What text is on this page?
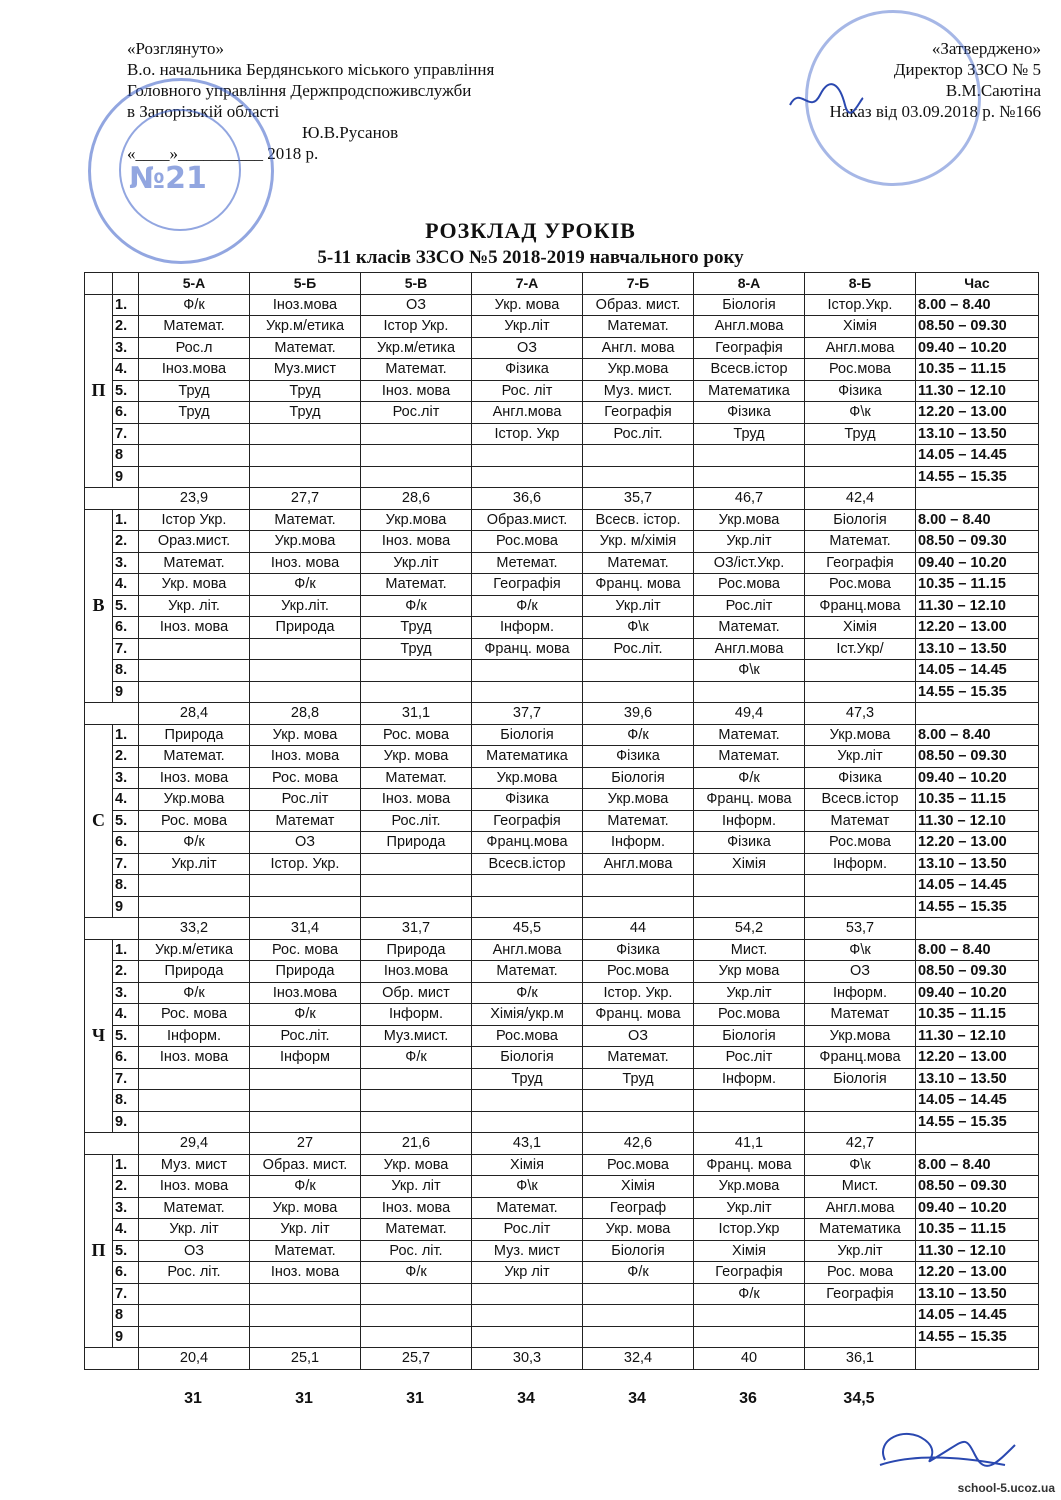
«Розглянуто»
В.о. начальника Бердянського міського управління
Головного управління Держпродспоживслужби
в Запорізькій області
Ю.В.Русанов
«____»__________ 2018 р.
«Затверджено»
Директор ЗЗСО № 5
В.М.Саютіна
Наказ від 03.09.2018 р. №166
№21
РОЗКЛАД УРОКІВ
5-11 класів ЗЗСО №5 2018-2019 навчального року
		5-А	5-Б	5-В	7-А	7-Б	8-А	8-Б	Час
П	1.	Ф/к	Іноз.мова	ОЗ	Укр. мова	Образ. мист.	Біологія	Істор.Укр.	8.00 – 8.40
	2.	Математ.	Укр.м/етика	Істор Укр.	Укр.літ	Математ.	Англ.мова	Хімія	08.50 – 09.30
	3.	Рос.л	Математ.	Укр.м/етика	ОЗ	Англ. мова	Географія	Англ.мова	09.40 – 10.20
	4.	Іноз.мова	Муз.мист	Математ.	Фізика	Укр.мова	Всесв.істор	Рос.мова	10.35 – 11.15
	5.	Труд	Труд	Іноз. мова	Рос. літ	Муз. мист.	Математика	Фізика	11.30 – 12.10
	6.	Труд	Труд	Рос.літ	Англ.мова	Географія	Фізика	Ф\к	12.20 – 13.00
	7.				Істор. Укр	Рос.літ.	Труд	Труд	13.10 – 13.50
	8								14.05 – 14.45
	9								14.55 – 15.35
		23,9	27,7	28,6	36,6	35,7	46,7	42,4	
В	1.	Істор Укр.	Математ.	Укр.мова	Образ.мист.	Всесв. істор.	Укр.мова	Біологія	8.00 – 8.40
	2.	Ораз.мист.	Укр.мова	Іноз. мова	Рос.мова	Укр. м/хімія	Укр.літ	Математ.	08.50 – 09.30
	3.	Математ.	Іноз. мова	Укр.літ	Метемат.	Математ.	ОЗ/іст.Укр.	Географія	09.40 – 10.20
	4.	Укр. мова	Ф/к	Математ.	Географія	Франц. мова	Рос.мова	Рос.мова	10.35 – 11.15
	5.	Укр. літ.	Укр.літ.	Ф/к	Ф/к	Укр.літ	Рос.літ	Франц.мова	11.30 – 12.10
	6.	Іноз. мова	Природа	Труд	Інформ.	Ф\к	Математ.	Хімія	12.20 – 13.00
	7.			Труд	Франц. мова	Рос.літ.	Англ.мова	Іст.Укр/	13.10 – 13.50
	8.						Ф\к		14.05 – 14.45
	9								14.55 – 15.35
		28,4	28,8	31,1	37,7	39,6	49,4	47,3	
С	1.	Природа	Укр. мова	Рос. мова	Біологія	Ф/к	Математ.	Укр.мова	8.00 – 8.40
	2.	Математ.	Іноз. мова	Укр. мова	Математика	Фізика	Математ.	Укр.літ	08.50 – 09.30
	3.	Іноз. мова	Рос. мова	Математ.	Укр.мова	Біологія	Ф/к	Фізика	09.40 – 10.20
	4.	Укр.мова	Рос.літ	Іноз. мова	Фізика	Укр.мова	Франц. мова	Всесв.істор	10.35 – 11.15
	5.	Рос. мова	Математ	Рос.літ.	Географія	Математ.	Інформ.	Математ	11.30 – 12.10
	6.	Ф/к	ОЗ	Природа	Франц.мова	Інформ.	Фізика	Рос.мова	12.20 – 13.00
	7.	Укр.літ	Істор. Укр.		Всесв.істор	Англ.мова	Хімія	Інформ.	13.10 – 13.50
	8.								14.05 – 14.45
	9								14.55 – 15.35
		33,2	31,4	31,7	45,5	44	54,2	53,7	
Ч	1.	Укр.м/етика	Рос. мова	Природа	Англ.мова	Фізика	Мист.	Ф\к	8.00 – 8.40
	2.	Природа	Природа	Іноз.мова	Математ.	Рос.мова	Укр мова	ОЗ	08.50 – 09.30
	3.	Ф/к	Іноз.мова	Обр. мист	Ф/к	Істор. Укр.	Укр.літ	Інформ.	09.40 – 10.20
	4.	Рос. мова	Ф/к	Інформ.	Хімія/укр.м	Франц. мова	Рос.мова	Математ	10.35 – 11.15
	5.	Інформ.	Рос.літ.	Муз.мист.	Рос.мова	ОЗ	Біологія	Укр.мова	11.30 – 12.10
	6.	Іноз. мова	Інформ	Ф/к	Біологія	Математ.	Рос.літ	Франц.мова	12.20 – 13.00
	7.				Труд	Труд	Інформ.	Біологія	13.10 – 13.50
	8.								14.05 – 14.45
	9.								14.55 – 15.35
		29,4	27	21,6	43,1	42,6	41,1	42,7	
П	1.	Муз. мист	Образ. мист.	Укр. мова	Хімія	Рос.мова	Франц. мова	Ф\к	8.00 – 8.40
	2.	Іноз. мова	Ф/к	Укр. літ	Ф\к	Хімія	Укр.мова	Мист.	08.50 – 09.30
	3.	Математ.	Укр. мова	Іноз. мова	Математ.	Географ	Укр.літ	Англ.мова	09.40 – 10.20
	4.	Укр. літ	Укр. літ	Математ.	Рос.літ	Укр. мова	Істор.Укр	Математика	10.35 – 11.15
	5.	ОЗ	Математ.	Рос. літ.	Муз. мист	Біологія	Хімія	Укр.літ	11.30 – 12.10
	6.	Рос. літ.	Іноз. мова	Ф/к	Укр літ	Ф/к	Географія	Рос. мова	12.20 – 13.00
	7.						Ф/к	Географія	13.10 – 13.50
	8								14.05 – 14.45
	9								14.55 – 15.35
		20,4	25,1	25,7	30,3	32,4	40	36,1	
31	31	31	34	34	36	34,5
school-5.ucoz.ua
